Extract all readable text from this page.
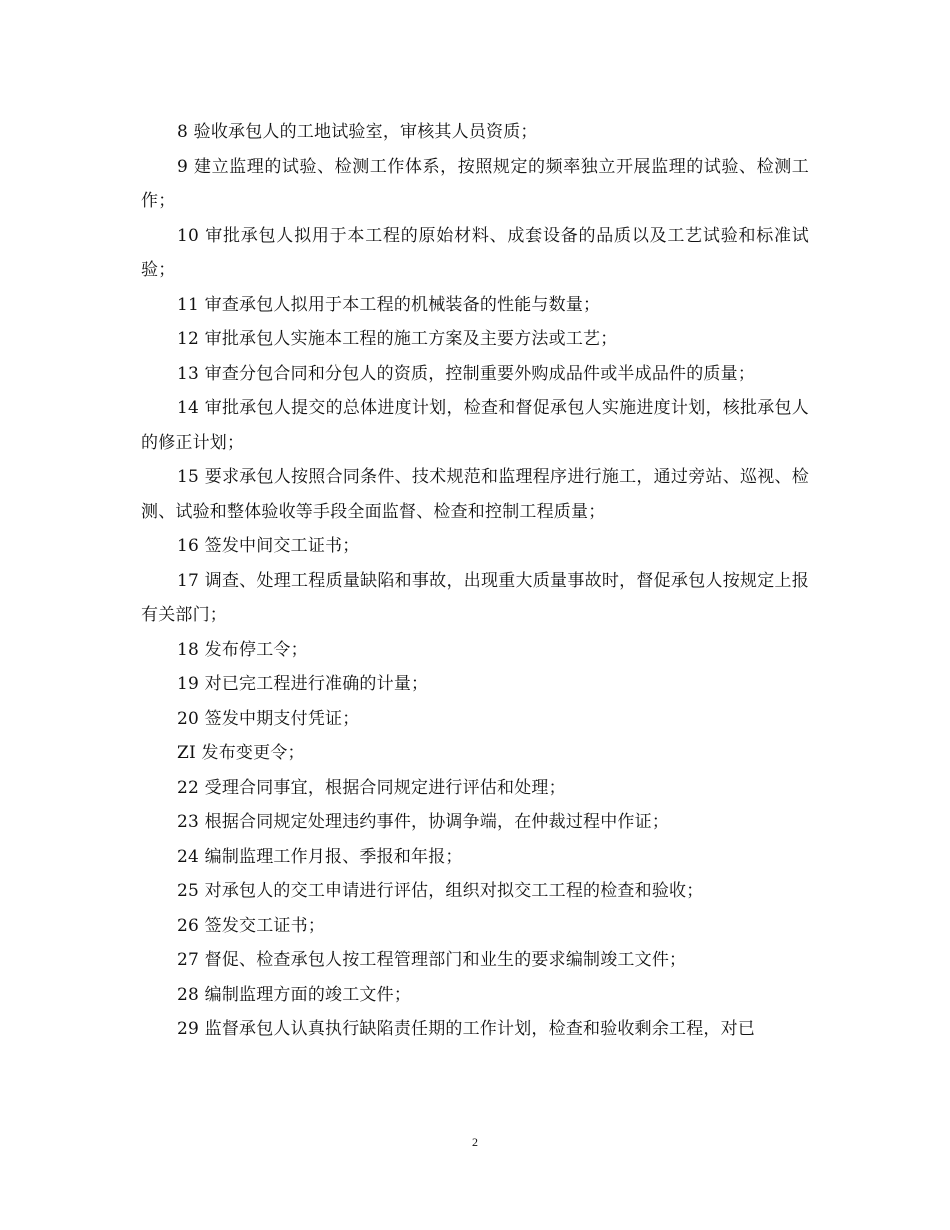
8 验收承包人的工地试验室，审核其人员资质；

9 建立监理的试验、检测工作体系，按照规定的频率独立开展监理的试验、检测工作；

10 审批承包人拟用于本工程的原始材料、成套设备的品质以及工艺试验和标准试验；

11 审查承包人拟用于本工程的机械装备的性能与数量；

12 审批承包人实施本工程的施工方案及主要方法或工艺；

13 审查分包合同和分包人的资质，控制重要外购成品件或半成品件的质量；

14 审批承包人提交的总体进度计划，检查和督促承包人实施进度计划，核批承包人的修正计划；

15 要求承包人按照合同条件、技术规范和监理程序进行施工，通过旁站、巡视、检测、试验和整体验收等手段全面监督、检查和控制工程质量；

16 签发中间交工证书；

17 调查、处理工程质量缺陷和事故，出现重大质量事故时，督促承包人按规定上报有关部门；

18 发布停工令；

19 对已完工程进行准确的计量；

20 签发中期支付凭证；

ZI 发布变更令；

22 受理合同事宜，根据合同规定进行评估和处理；

23 根据合同规定处理违约事件，协调争端，在仲裁过程中作证；

24 编制监理工作月报、季报和年报；

25 对承包人的交工申请进行评估，组织对拟交工工程的检查和验收；

26 签发交工证书；

27 督促、检查承包人按工程管理部门和业生的要求编制竣工文件；

28 编制监理方面的竣工文件；

29 监督承包人认真执行缺陷责任期的工作计划，检查和验收剩余工程，对已

2
